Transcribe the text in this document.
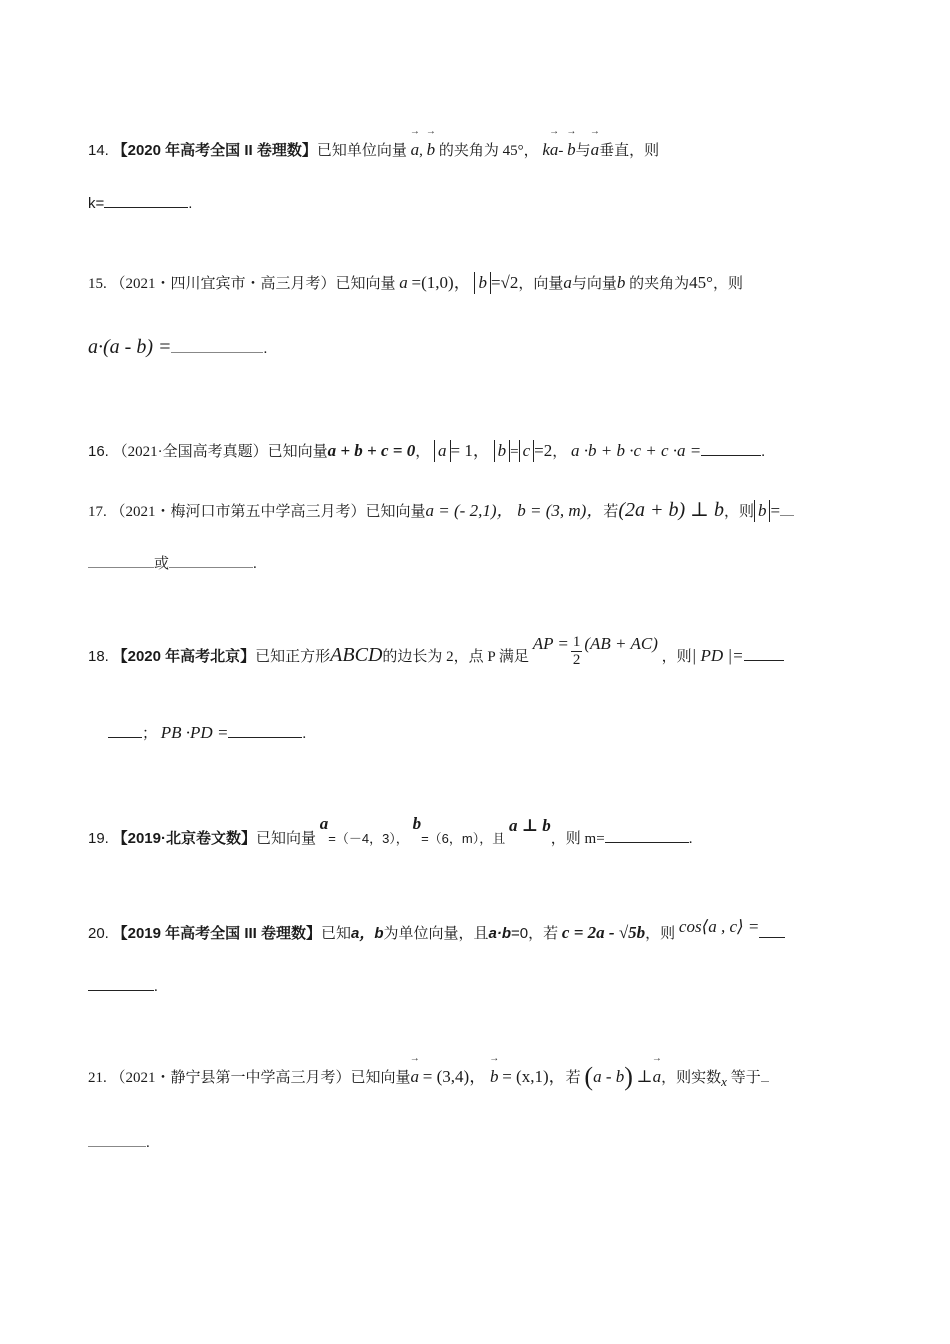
14. 【2020 年高考全国 II 卷理数】已知单位向量 → a, → b 的夹角为 45°， k→ a- → b与→ a垂直，则
k=	.
15. （2021・四川宜宾市・高三月考）已知向量 a =(1,0)， b =√2，向量a与向量b 的夹角为45°，则
a·(a - b) =	.
16. （2021·全国高考真题）已知向量a + b + c = 0， a = 1， b = c =2， a ·b + b ·c + c ·a =	.
17. （2021・梅河口市第五中学高三月考）已知向量a = (- 2,1)， b = (3, m)，若(2a + b) ⊥ b，则 b =
或	.
18. 【2020 年高考北京】已知正方形ABCD的边长为 2，点 P 满足 AP = $\frac{1}{2} (AB + AC)$ ，则| PD |=
； PB ·PD =	.
19. 【2019·北京卷文数】已知向量 a=（－4，3）， b=（6，m），且 a ⊥ b，则 m=	.
20. 【2019 年高考全国 III 卷理数】已知a，b为单位向量，且a·b=0，若 c = 2a - √5b，则 cos⟨a , c⟩ =
.
21. （2021・静宁县第一中学高三月考）已知向量→ a = (3,4)， → b = (x,1)，若 (a - b) ⊥→ a，则实数x 等于
.
